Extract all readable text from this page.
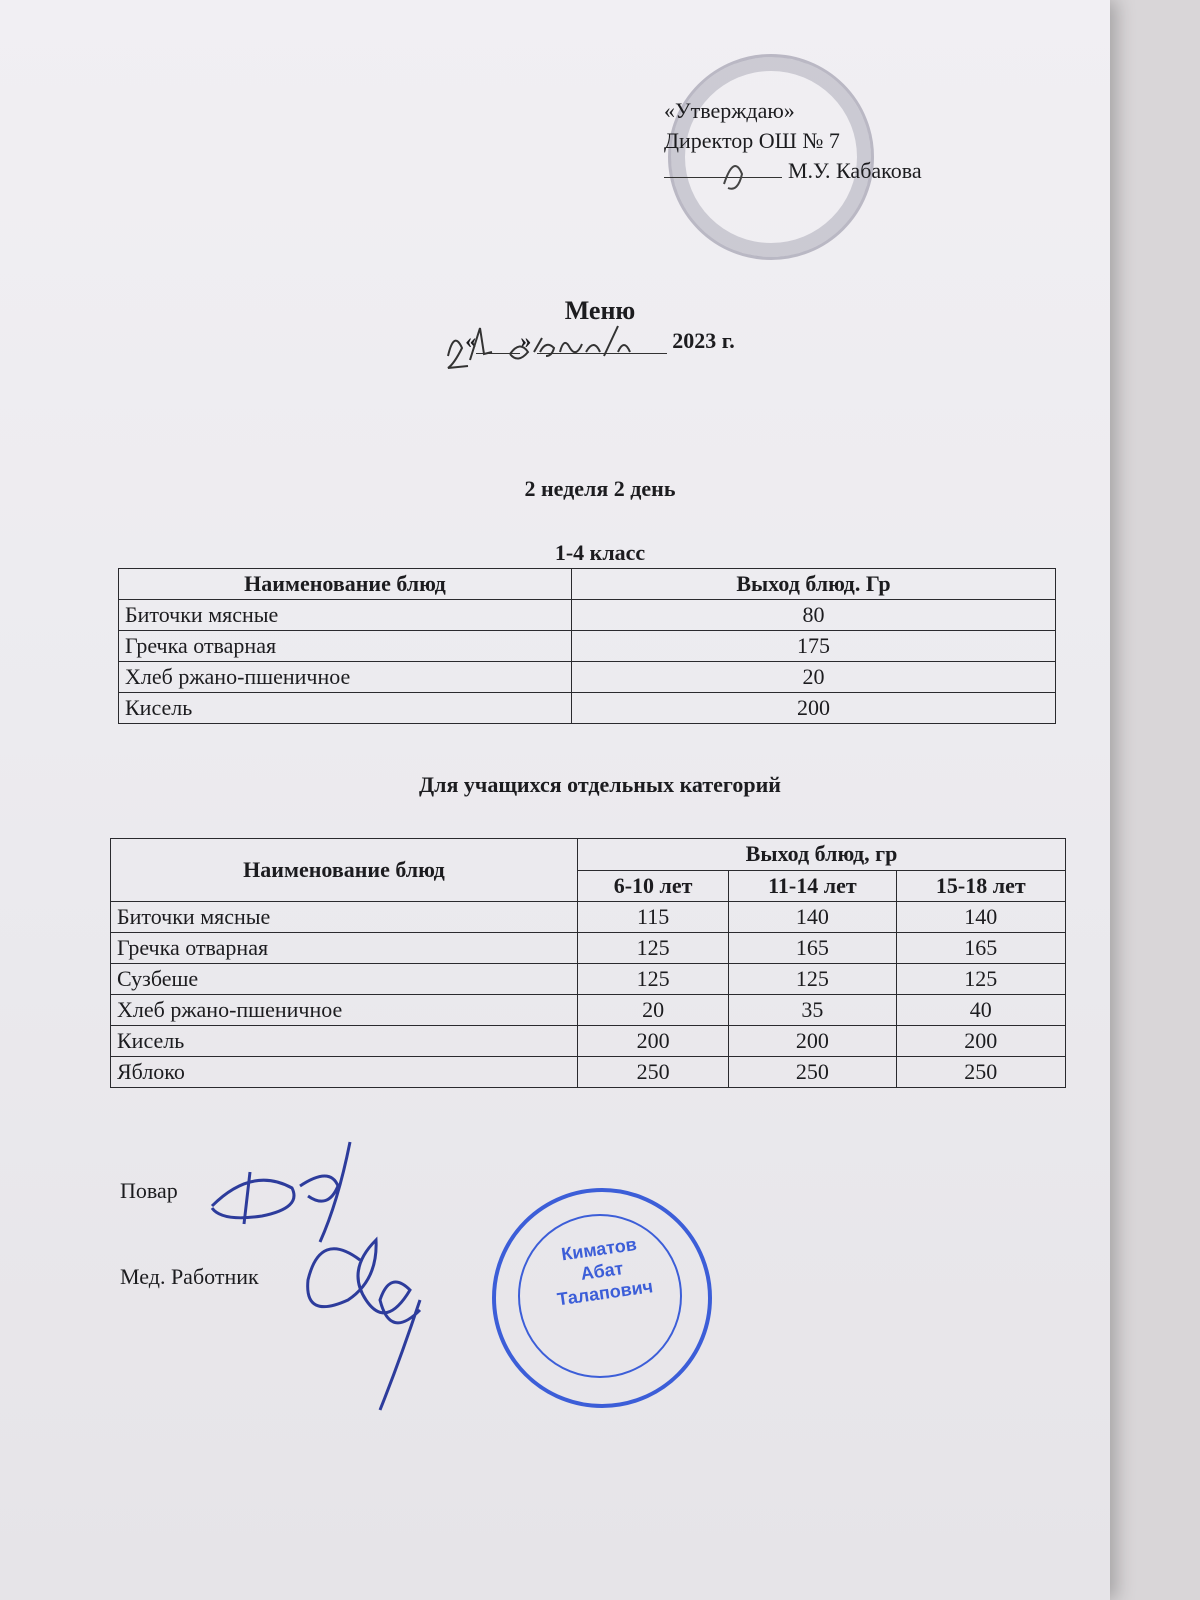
«Утверждаю»
Директор ОШ № 7
М.У. Кабакова
Меню
« »	2023 г.
2 неделя 2 день
1-4 класс
Наименование блюд	Выход блюд. Гр
Биточки мясные	80
Гречка отварная	175
Хлеб ржано-пшеничное	20
Кисель	200
Для учащихся отдельных категорий
Наименование блюд	Выход блюд, гр		
	6-10 лет	11-14 лет	15-18 лет
Биточки мясные	115	140	140
Гречка отварная	125	165	165
Сузбеше	125	125	125
Хлеб ржано-пшеничное	20	35	40
Кисель	200	200	200
Яблоко	250	250	250
Повар
Мед. Работник
Киматов
Абат
Талапович
